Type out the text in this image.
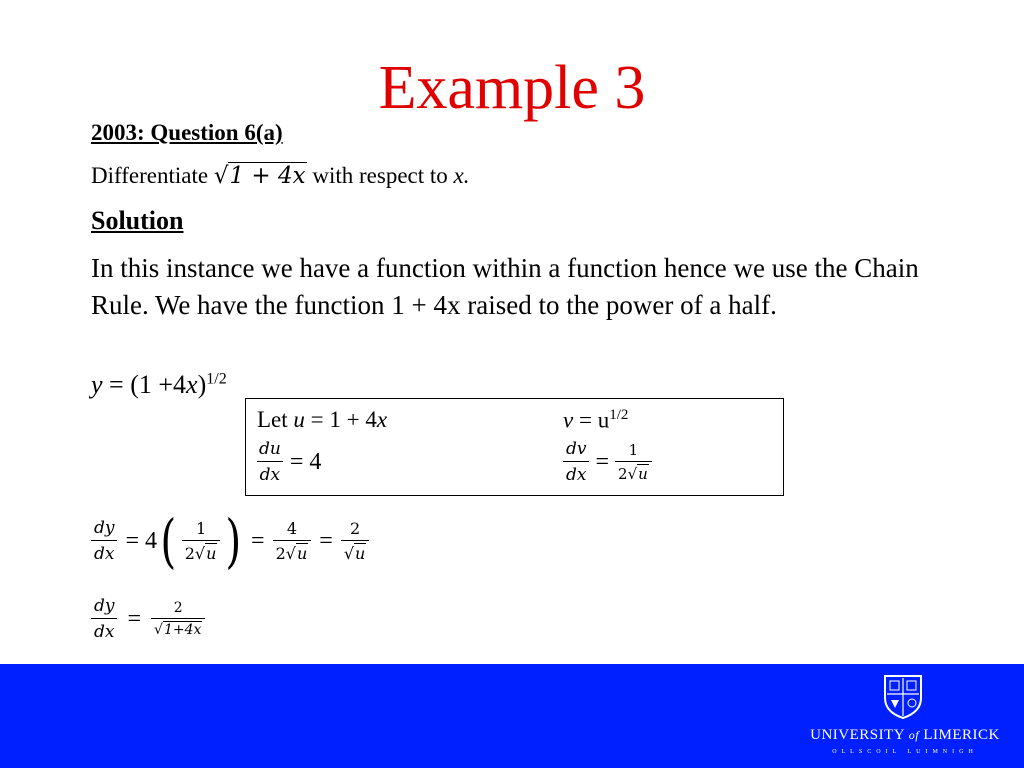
Example 3
2003: Question 6(a)
Differentiate √1 + 4x with respect to x.
Solution
In this instance we have a function within a function hence we use the Chain Rule. We have the function 1 + 4x raised to the power of a half.
$y = (1 +4x)^{1/2}$
Let u = 1 + 4x	$v = u^{1/2}$
$\frac{du}{dx} = 4$	$\frac{dv}{dx} = \frac{1}{2√u}$
$\frac{dy}{dx} = 4$ ( $\frac{1}{2√u}$ ) = $\frac{4}{2√u} = \frac{2}{√u}$
$\frac{dy}{dx} = \frac{2}{√1+4x}$
UNIVERSITY of LIMERICK
OLLSCOIL LUIMNIGH
